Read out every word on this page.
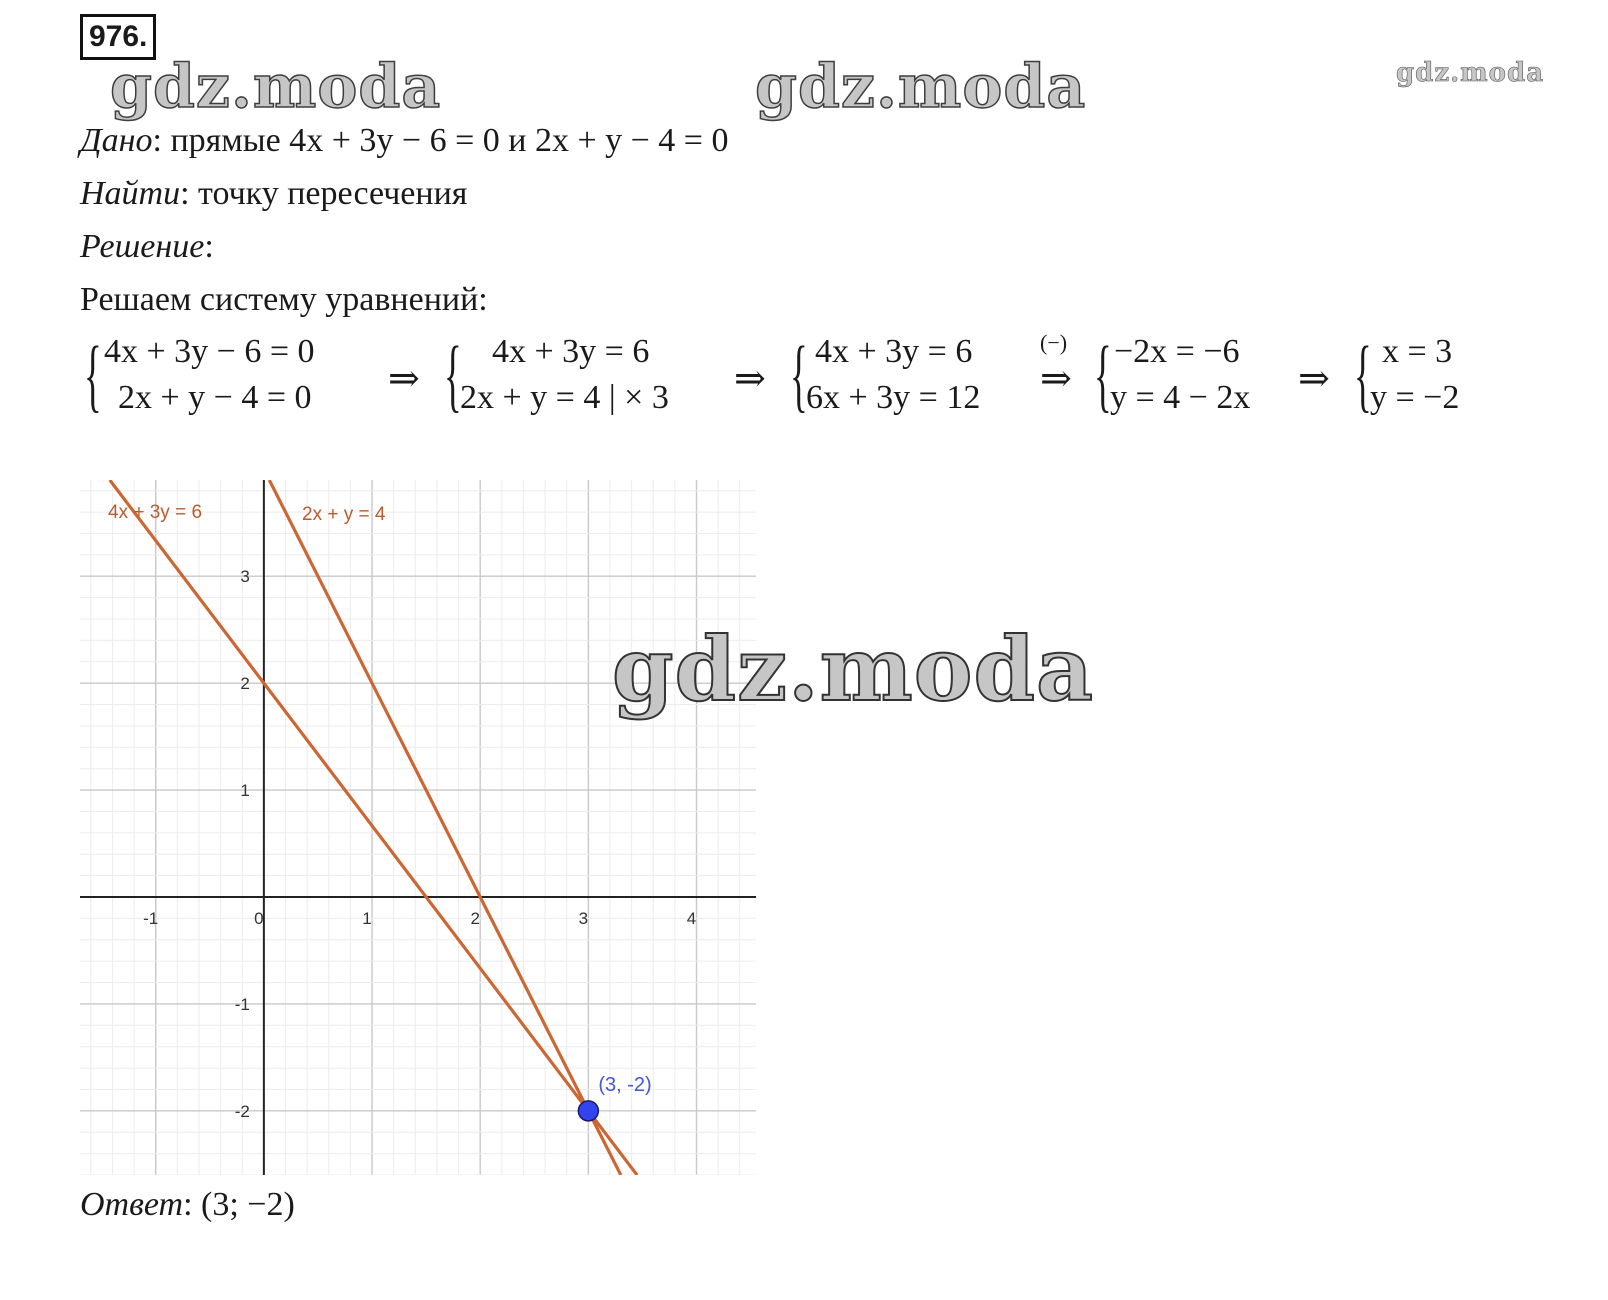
976.
gdz.moda	gdz.moda	gdz.moda
Дано: прямые 4x + 3y − 6 = 0 и 2x + y − 4 = 0
Найти: точку пересечения
Решение:
Решаем систему уравнений:
{ 4x + 3y − 6 = 0
2x + y − 4 = 0 ⇒ { 4x + 3y = 6
2x + y = 4 | × 3 ⇒ { 4x + 3y = 6
6x + 3y = 12
(−)
⇒ { −2x = −6
y = 4 − 2x ⇒ { x = 3
y = −2
-1	0	1	2	3	4
3
2
1
-1
-2
4x + 3y = 6	2x + y = 4
(3, -2)
gdz.moda
Ответ: (3; −2)
